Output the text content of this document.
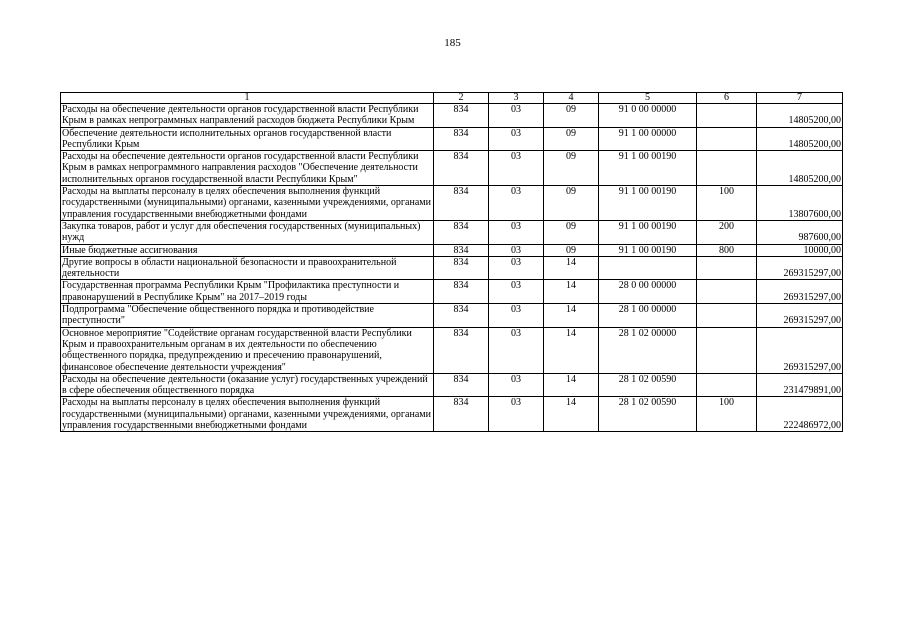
185
1	2	3	4	5	6	7
Расходы на обеспечение деятельности органов государственной власти Республики Крым в рамках непрограммных направлений расходов бюджета Республики Крым	834	03	09	91 0 00 00000		14805200,00
Обеспечение деятельности исполнительных органов государственной власти Республики Крым	834	03	09	91 1 00 00000		14805200,00
Расходы на обеспечение деятельности органов государственной власти Республики Крым в рамках непрограммного направления расходов "Обеспечение деятельности исполнительных органов государственной власти Республики Крым"	834	03	09	91 1 00 00190		14805200,00
Расходы на выплаты персоналу в целях обеспечения выполнения функций государственными (муниципальными) органами, казенными учреждениями, органами управления государственными внебюджетными фондами	834	03	09	91 1 00 00190	100	13807600,00
Закупка товаров, работ и услуг для обеспечения государственных (муниципальных) нужд	834	03	09	91 1 00 00190	200	987600,00
Иные бюджетные ассигнования	834	03	09	91 1 00 00190	800	10000,00
Другие вопросы в области национальной безопасности и правоохранительной деятельности	834	03	14			269315297,00
Государственная программа Республики Крым "Профилактика преступности и правонарушений в Республике Крым" на 2017–2019 годы	834	03	14	28 0 00 00000		269315297,00
Подпрограмма "Обеспечение общественного порядка и противодействие преступности"	834	03	14	28 1 00 00000		269315297,00
Основное мероприятие "Содействие органам государственной власти Республики Крым и правоохранительным органам в их деятельности по обеспечению общественного порядка, предупреждению и пресечению правонарушений, финансовое обеспечение деятельности учреждения"	834	03	14	28 1 02 00000		269315297,00
Расходы на обеспечение деятельности (оказание услуг) государственных учреждений в сфере обеспечения общественного порядка	834	03	14	28 1 02 00590		231479891,00
Расходы на выплаты персоналу в целях обеспечения выполнения функций государственными (муниципальными) органами, казенными учреждениями, органами управления государственными внебюджетными фондами	834	03	14	28 1 02 00590	100	222486972,00
